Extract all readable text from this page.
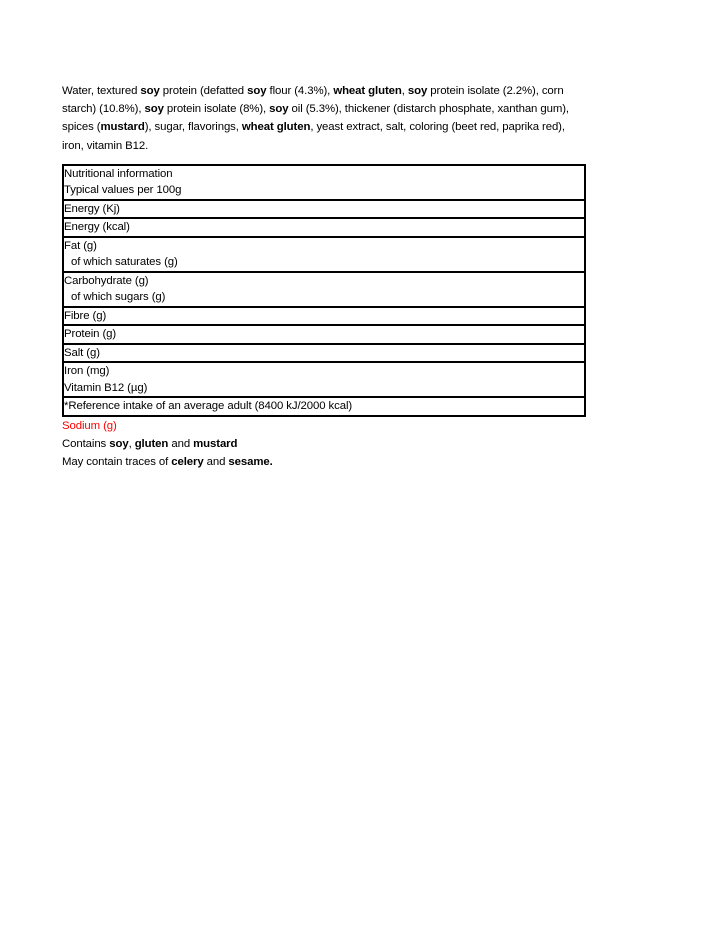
Water, textured soy protein (defatted soy flour (4.3%), wheat gluten, soy protein isolate (2.2%), corn starch) (10.8%), soy protein isolate (8%), soy oil (5.3%), thickener (distarch phosphate, xanthan gum), spices (mustard), sugar, flavorings, wheat gluten, yeast extract, salt, coloring (beet red, paprika red), iron, vitamin B12.

Nutritional information
Typical values per 100g
Energy (Kj)
Energy (kcal)
Fat (g)
of which saturates (g)
Carbohydrate (g)
of which sugars (g)
Fibre (g)
Protein (g)
Salt (g)
Iron (mg)
Vitamin B12 (µg)
*Reference intake of an average adult (8400 kJ/2000 kcal)

Sodium (g)

Contains soy, gluten and mustard

May contain traces of celery and sesame.
